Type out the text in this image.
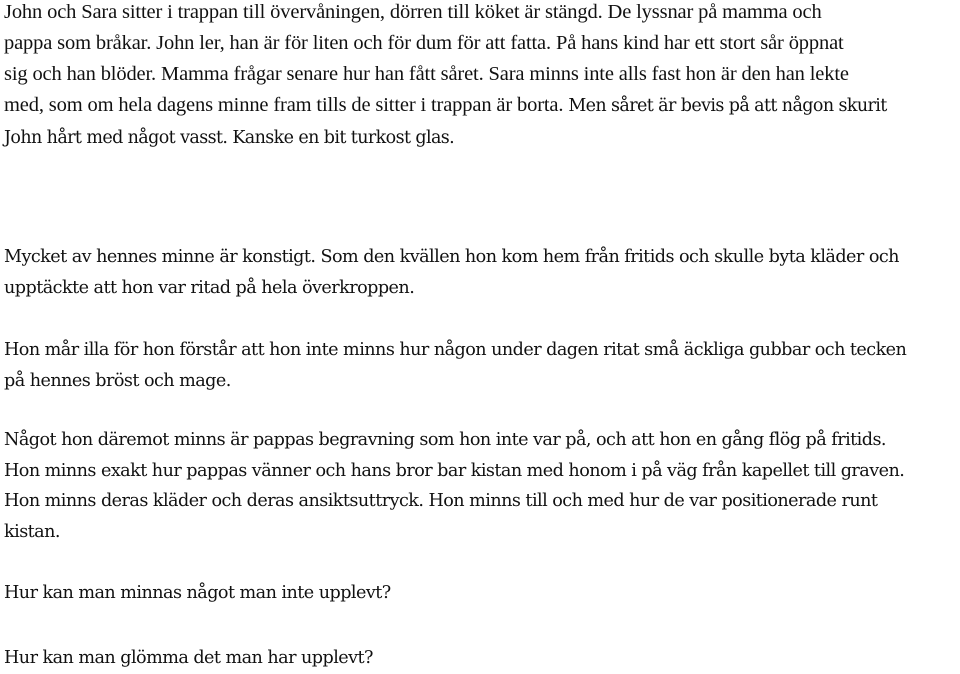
John och Sara sitter i trappan till övervåningen, dörren till köket är stängd. De lyssnar på mamma och
pappa som bråkar. John ler, han är för liten och för dum för att fatta. På hans kind har ett stort sår öppnat
sig och han blöder. Mamma frågar senare hur han fått såret. Sara minns inte alls fast hon är den han lekte
med, som om hela dagens minne fram tills de sitter i trappan är borta. Men såret är bevis på att någon skurit
John hårt med något vasst. Kanske en bit turkost glas.
Mycket av hennes minne är konstigt. Som den kvällen hon kom hem från fritids och skulle byta kläder och
upptäckte att hon var ritad på hela överkroppen.
Hon mår illa för hon förstår att hon inte minns hur någon under dagen ritat små äckliga gubbar och tecken
på hennes bröst och mage.
Något hon däremot minns är pappas begravning som hon inte var på, och att hon en gång flög på fritids.
Hon minns exakt hur pappas vänner och hans bror bar kistan med honom i på väg från kapellet till graven.
Hon minns deras kläder och deras ansiktsuttryck. Hon minns till och med hur de var positionerade runt
kistan.
Hur kan man minnas något man inte upplevt?
Hur kan man glömma det man har upplevt?
